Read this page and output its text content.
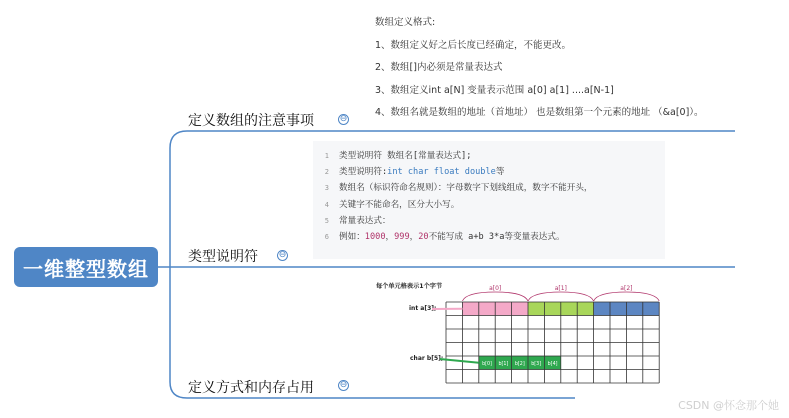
一维整型数组
定义数组的注意事项	⊖
类型说明符 ⊖
定义方式和内存占用	⊖
数组定义格式:
1、数组定义好之后长度已经确定，不能更改。
2、数组[]内必须是常量表达式
3、数组定义int a[N] 变量表示范围 a[0] a[1] ....a[N-1]
4、数组名就是数组的地址（首地址） 也是数组第一个元素的地址 （&a[0]）。
1 类型说明符 数组名[常量表达式];
2 类型说明符:int char float double等
3 数组名（标识符命名规则）：字母数字下划线组成，数字不能开头，
4 关键字不能命名，区分大小写。
5 常量表达式：
6 例如：1000，999，20不能写成 a+b 3*a等变量表达式。
每个单元格表示1个字节
int a[3];
char b[5];
a[0]	a[1]	a[2]
b[0] b[1] b[2] b[3] b[4]
CSDN @怀念那个她
